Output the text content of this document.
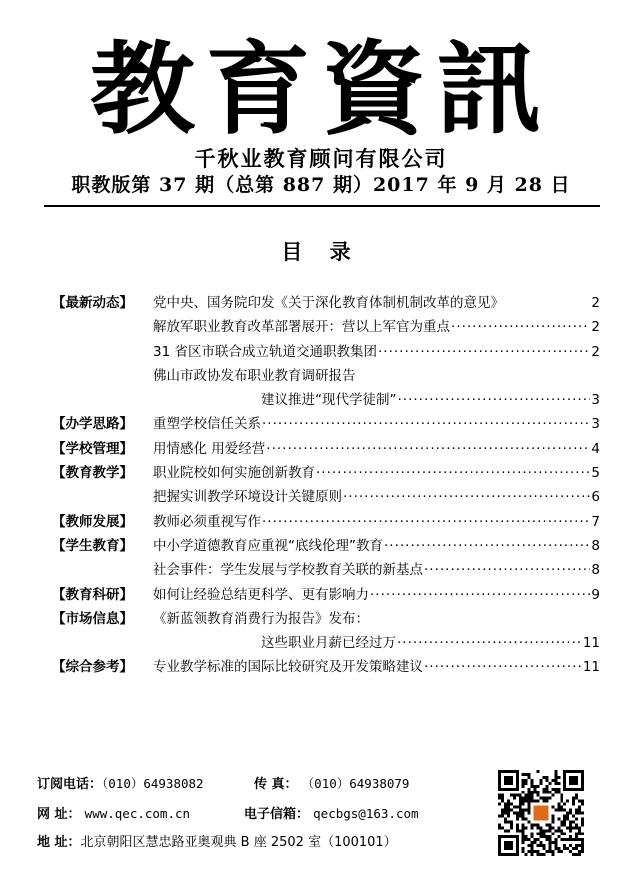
教育資訊
千秋业教育顾问有限公司
职教版第 37 期（总第 887 期）2017 年 9 月 28 日
目 录
【最新动态】 党中央、国务院印发《关于深化教育体制机制改革的意见》	2
解放军职业教育改革部署展开：营以上军官为重点 ·····	2
31 省区市联合成立轨道交通职教集团 ·····	2
佛山市政协发布职业教育调研报告
建议推进“现代学徒制” ·····	3
【办学思路】 重塑学校信任关系 ·····	3
【学校管理】 用情感化 用爱经营 ·····	4
【教育教学】 职业院校如何实施创新教育 ·····	5
把握实训教学环境设计关键原则 ·····	6
【教师发展】 教师必须重视写作 ·····	7
【学生教育】 中小学道德教育应重视“底线伦理”教育 ·····	8
社会事件：学生发展与学校教育关联的新基点 ·····	8
【教育科研】 如何让经验总结更科学、更有影响力 ·····	9
【市场信息】 《新蓝领教育消费行为报告》发布：
这些职业月薪已经过万 ·····	11
【综合参考】 专业教学标准的国际比较研究及开发策略建议 ·····	11
订阅电话：（010）64938082	传 真： （010）64938079
网 址： www.qec.com.cn	电子信箱： qecbgs@163.com
地 址：北京朝阳区慧忠路亚奥观典 B 座 2502 室（100101）
